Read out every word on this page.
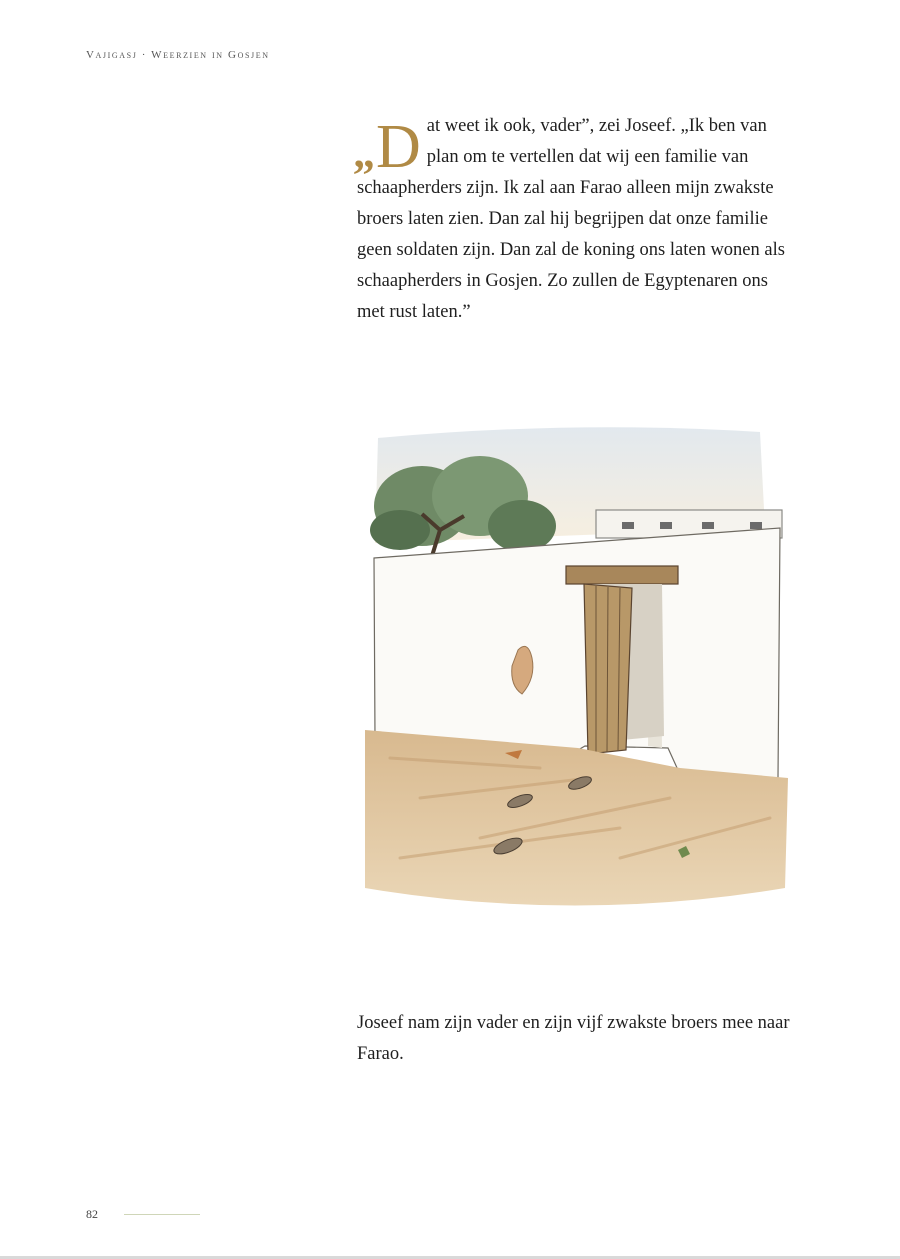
Vajigasj · Weerzien in Gosjen
„ D at weet ik ook, vader”, zei Joseef. „Ik ben van plan om te vertellen dat wij een familie van schaapherders zijn. Ik zal aan Farao alleen mijn zwakste broers laten zien. Dan zal hij begrijpen dat onze familie geen soldaten zijn. Dan zal de koning ons laten wonen als schaapherders in Gosjen. Zo zullen de Egyptenaren ons met rust laten.”
Joseef nam zijn vader en zijn vijf zwakste broers mee naar Farao.
82
